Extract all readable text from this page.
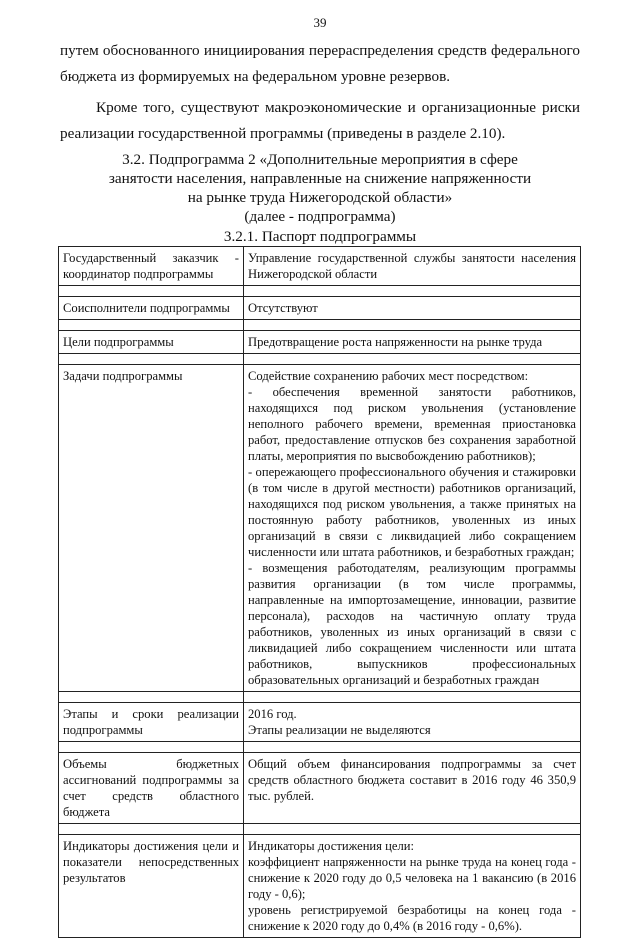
39
путем обоснованного инициирования перераспределения средств федерального бюджета из формируемых на федеральном уровне резервов.
Кроме того, существуют макроэкономические и организационные риски реализации государственной программы (приведены в разделе 2.10).
3.2. Подпрограмма 2 «Дополнительные мероприятия в сфере
занятости населения, направленные на снижение напряженности
на рынке труда Нижегородской области»
(далее - подпрограмма)
3.2.1. Паспорт подпрограммы
Государственный заказчик - координатор подпрограммы	Управление государственной службы занятости населения Нижегородской области

Соисполнители подпрограммы	Отсутствуют

Цели подпрограммы	Предотвращение роста напряженности на рынке труда

Задачи подпрограммы	Содействие сохранению рабочих мест посредством:
- обеспечения временной занятости работников, находящихся под риском увольнения (установление неполного рабочего времени, временная приостановка работ, предоставление отпусков без сохранения заработной платы, мероприятия по высвобождению работников);
- опережающего профессионального обучения и стажировки (в том числе в другой местности) работников организаций, находящихся под риском увольнения, а также принятых на постоянную работу работников, уволенных из иных организаций в связи с ликвидацией либо сокращением численности или штата работников, и безработных граждан;
- возмещения работодателям, реализующим программы развития организации (в том числе программы, направленные на импортозамещение, инновации, развитие персонала), расходов на частичную оплату труда работников, уволенных из иных организаций в связи с ликвидацией либо сокращением численности или штата работников, выпускников профессиональных образовательных организаций и безработных граждан

Этапы и сроки реализации подпрограммы	2016 год.
Этапы реализации не выделяются

Объемы бюджетных ассигнований подпрограммы за счет средств областного бюджета	Общий объем финансирования подпрограммы за счет средств областного бюджета составит в 2016 году 46 350,9 тыс. рублей.

Индикаторы достижения цели и показатели непосредственных результатов	Индикаторы достижения цели:
коэффициент напряженности на рынке труда на конец года - снижение к 2020 году до 0,5 человека на 1 вакансию (в 2016 году - 0,6);
уровень регистрируемой безработицы на конец года - снижение к 2020 году до 0,4% (в 2016 году - 0,6%).
